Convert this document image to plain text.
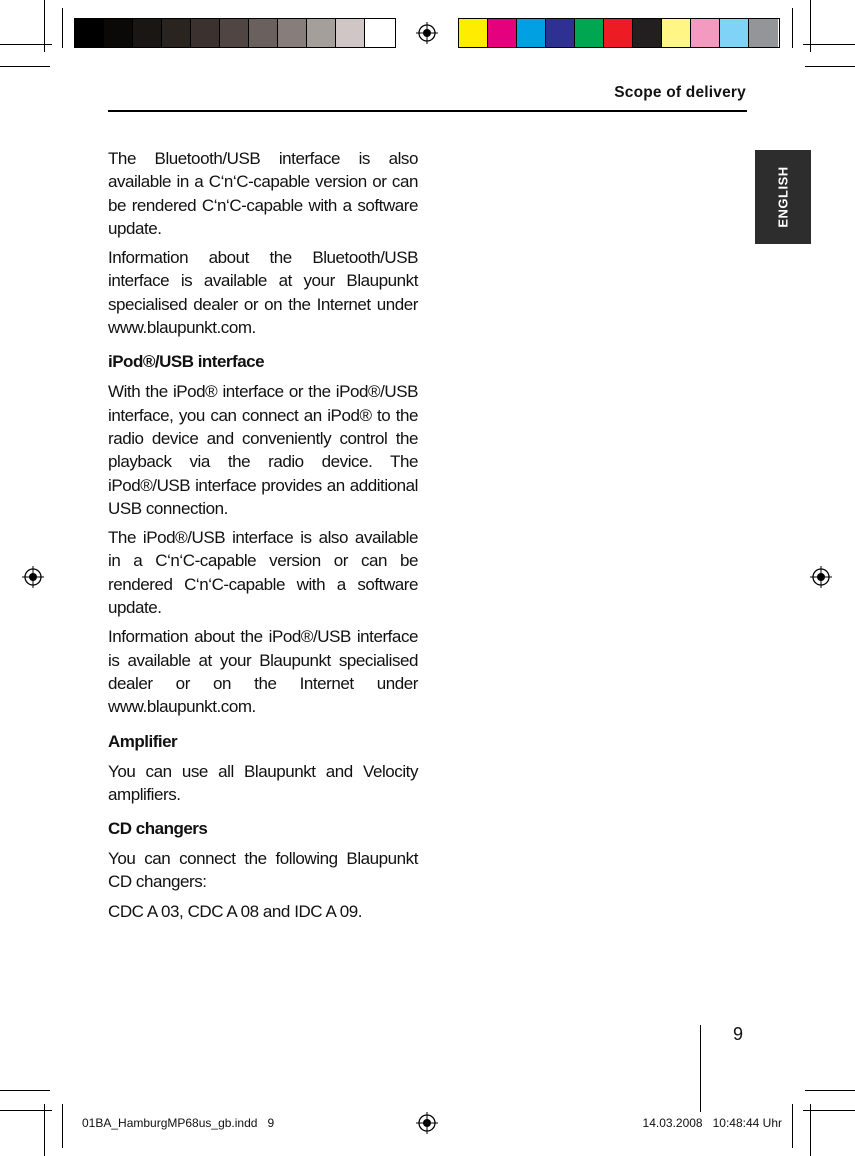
Scope of delivery
ENGLISH

The Bluetooth/USB interface is also available in a C‘n‘C-capable version or can be rendered C‘n‘C-capable with a software update.

Information about the Bluetooth/USB interface is available at your Blaupunkt specialised dealer or on the Internet under www.blaupunkt.com.

iPod®/USB interface

With the iPod® interface or the iPod®/USB interface, you can connect an iPod® to the radio device and conveniently control the playback via the radio device. The iPod®/USB interface provides an additional USB connection.

The iPod®/USB interface is also available in a C‘n‘C-capable version or can be rendered C‘n‘C-capable with a software update.

Information about the iPod®/USB interface is available at your Blaupunkt specialised dealer or on the Internet under www.blaupunkt.com.

Amplifier

You can use all Blaupunkt and Velocity amplifiers.

CD changers

You can connect the following Blaupunkt CD changers:

CDC A 03, CDC A 08 and IDC A 09.

9
01BA_HamburgMP68us_gb.indd   9	14.03.2008   10:48:44 Uhr
